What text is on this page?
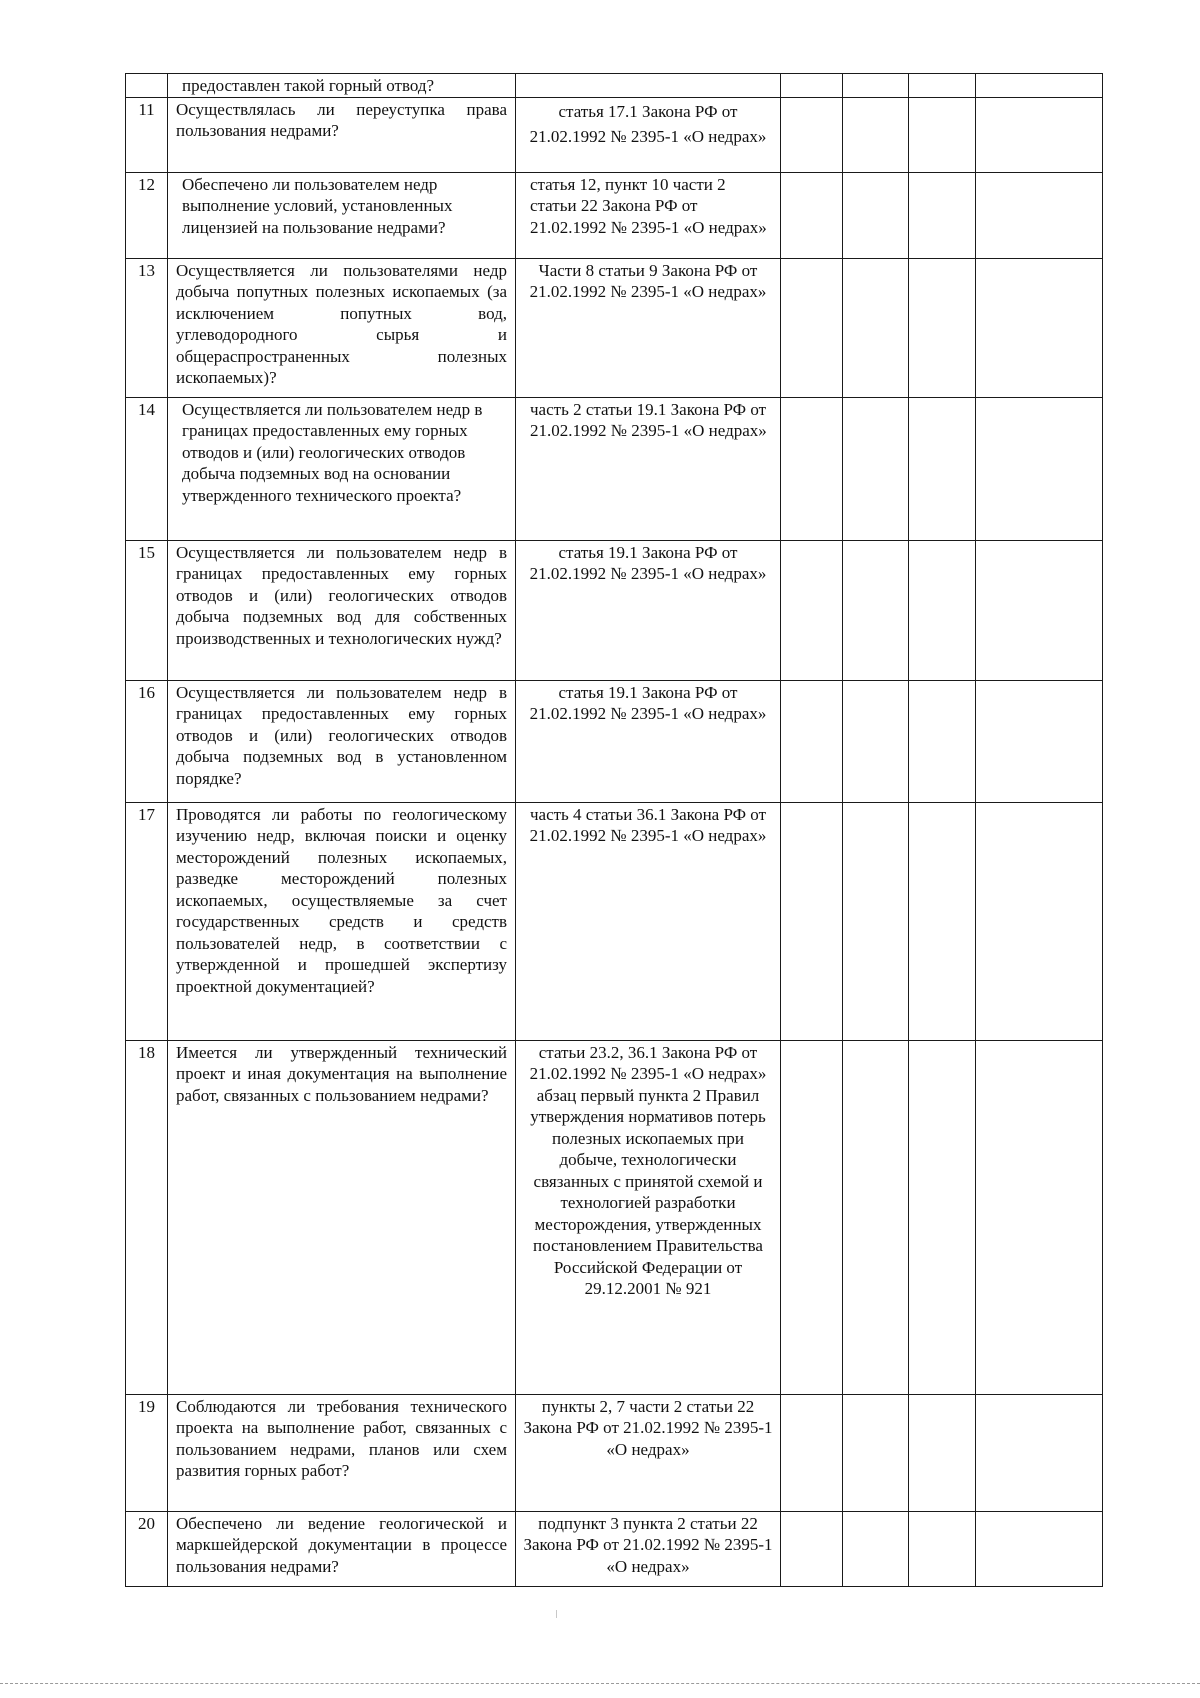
	предоставлен такой горный отвод?					
11	Осуществлялась ли переуступка права пользования недрами?	статья 17.1 Закона РФ от 21.02.1992 № 2395-1 «О недрах»				

12	Обеспечено ли пользователем недр выполнение условий, установленных лицензией на пользование недрами?	статья 12, пункт 10 части 2 статьи 22 Закона РФ от 21.02.1992 № 2395-1 «О недрах»				

13	Осуществляется ли пользователями недр добыча попутных полезных ископаемых (за исключением попутных вод, углеводородного сырья и общераспространенных полезных ископаемых)?	Части 8 статьи 9 Закона РФ от 21.02.1992 № 2395-1 «О недрах»				

14	Осуществляется ли пользователем недр в границах предоставленных ему горных отводов и (или) геологических отводов добыча подземных вод на основании утвержденного технического проекта?	часть 2 статьи 19.1 Закона РФ от 21.02.1992 № 2395-1 «О недрах»				

15	Осуществляется ли пользователем недр в границах предоставленных ему горных отводов и (или) геологических отводов добыча подземных вод для собственных производственных и технологических нужд?	статья 19.1 Закона РФ от 21.02.1992 № 2395-1 «О недрах»				

16	Осуществляется ли пользователем недр в границах предоставленных ему горных отводов и (или) геологических отводов добыча подземных вод в установленном порядке?	статья 19.1 Закона РФ от 21.02.1992 № 2395-1 «О недрах»				

17	Проводятся ли работы по геологическому изучению недр, включая поиски и оценку месторождений полезных ископаемых, разведке месторождений полезных ископаемых, осуществляемые за счет государственных средств и средств пользователей недр, в соответствии с утвержденной и прошедшей экспертизу проектной документацией?	часть 4 статьи 36.1 Закона РФ от 21.02.1992 № 2395-1 «О недрах»				

18	Имеется ли утвержденный технический проект и иная документация на выполнение работ, связанных с пользованием недрами?	статьи 23.2, 36.1 Закона РФ от 21.02.1992 № 2395-1 «О недрах»
абзац первый пункта 2 Правил утверждения нормативов потерь полезных ископаемых при добыче, технологически связанных с принятой схемой и технологией разработки месторождения, утвержденных постановлением Правительства Российской Федерации от 29.12.2001 № 921				

19	Соблюдаются ли требования технического проекта на выполнение работ, связанных с пользованием недрами, планов или схем развития горных работ?	пункты 2, 7 части 2 статьи 22 Закона РФ от 21.02.1992 № 2395-1 «О недрах»				

20	Обеспечено ли ведение геологической и маркшейдерской документации в процессе пользования недрами?	подпункт 3 пункта 2 статьи 22 Закона РФ от 21.02.1992 № 2395-1 «О недрах»				
